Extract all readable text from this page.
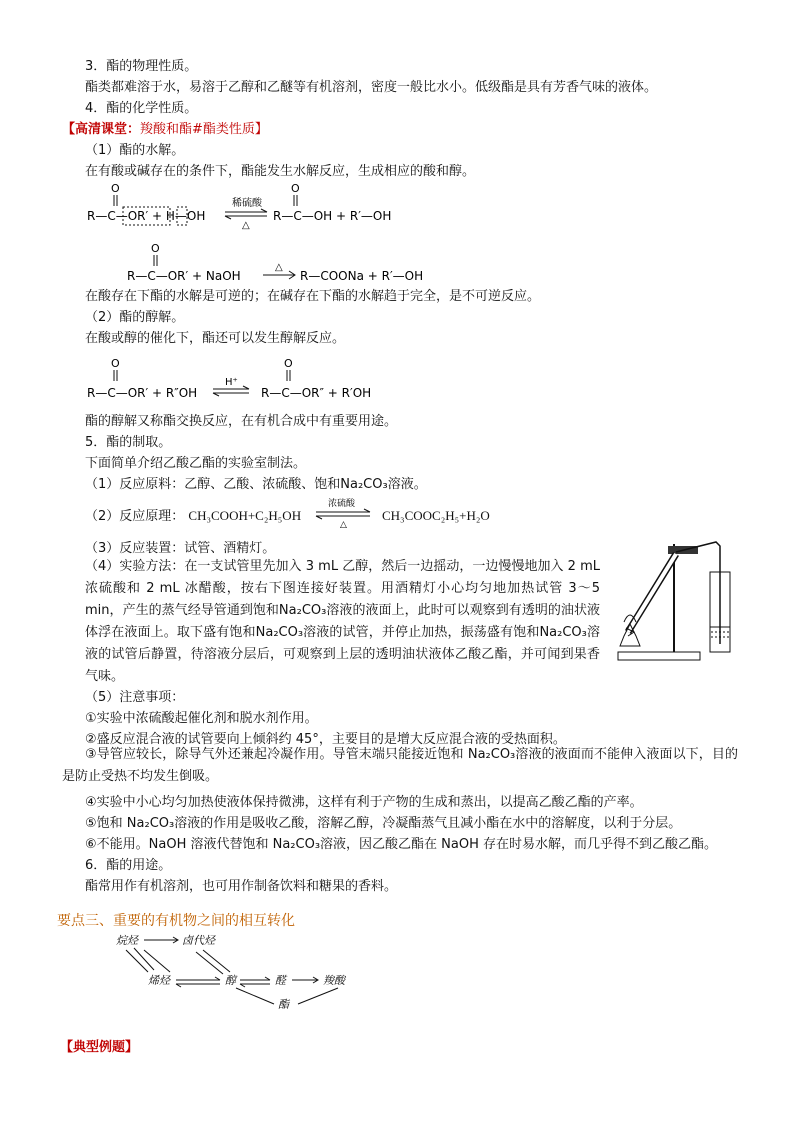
3．酯的物理性质。
酯类都难溶于水，易溶于乙醇和乙醚等有机溶剂，密度一般比水小。低级酯是具有芳香气味的液体。
4．酯的化学性质。
【高清课堂：羧酸和酯#酯类性质】
（1）酯的水解。
在有酸或碱存在的条件下，酯能发生水解反应，生成相应的酸和醇。
O
R—C—OR′ + H—OH
稀硫酸
△
O
R—C—OH + R′—OH
O
R—C—OR′ + NaOH
△
R—COONa + R′—OH
在酸存在下酯的水解是可逆的；在碱存在下酯的水解趋于完全，是不可逆反应。
（2）酯的醇解。
在酸或醇的催化下，酯还可以发生醇解反应。
O
R—C—OR′ + R″OH
H⁺
O
R—C—OR″ + R′OH
酯的醇解又称酯交换反应，在有机合成中有重要用途。
5．酯的制取。
下面简单介绍乙酸乙酯的实验室制法。
（1）反应原料：乙醇、乙酸、浓硫酸、饱和Na₂CO₃溶液。
（2）反应原理： CH₃COOH+C₂H₅OH
浓硫酸
△
CH₃COOC₂H₅+H₂O
（3）反应装置：试管、酒精灯。
（4）实验方法：在一支试管里先加入 3 mL 乙醇，然后一边摇动，一边慢慢地加入 2 mL 浓硫酸和 2 mL 冰醋酸，按右下图连接好装置。用酒精灯小心均匀地加热试管 3～5 min，产生的蒸气经导管通到饱和Na₂CO₃溶液的液面上，此时可以观察到有透明的油状液体浮在液面上。取下盛有饱和Na₂CO₃溶液的试管，并停止加热，振荡盛有饱和Na₂CO₃溶液的试管后静置，待溶液分层后，可观察到上层的透明油状液体乙酸乙酯，并可闻到果香气味。
（5）注意事项：
①实验中浓硫酸起催化剂和脱水剂作用。
②盛反应混合液的试管要向上倾斜约 45°，主要目的是增大反应混合液的受热面积。
③导管应较长，除导气外还兼起冷凝作用。导管末端只能接近饱和 Na₂CO₃溶液的液面而不能伸入液面以下，目的是防止受热不均发生倒吸。
④实验中小心均匀加热使液体保持微沸，这样有利于产物的生成和蒸出，以提高乙酸乙酯的产率。
⑤饱和 Na₂CO₃溶液的作用是吸收乙酸，溶解乙醇，冷凝酯蒸气且减小酯在水中的溶解度，以利于分层。
⑥不能用。NaOH 溶液代替饱和 Na₂CO₃溶液，因乙酸乙酯在 NaOH 存在时易水解，而几乎得不到乙酸乙酯。
6．酯的用途。
酯常用作有机溶剂，也可用作制备饮料和糖果的香料。
要点三、重要的有机物之间的相互转化
烷烃	卤代烃
烯烃	醇	醛	羧酸
酯
【典型例题】
